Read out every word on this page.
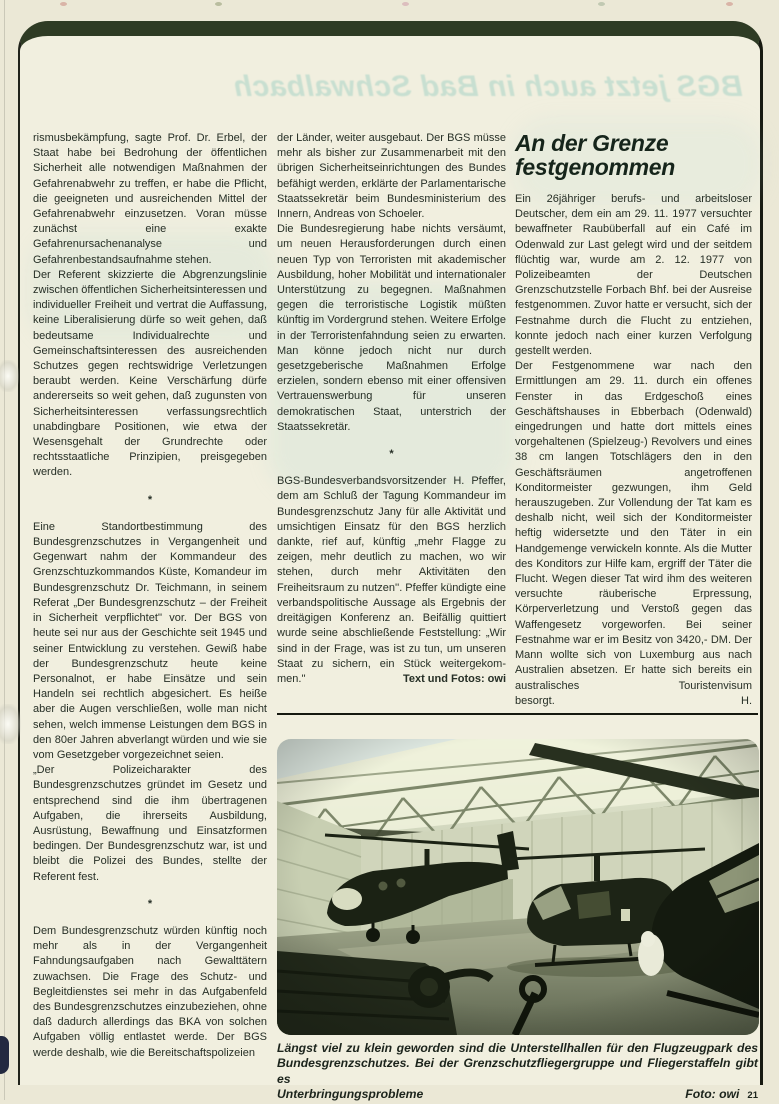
BGS jetzt auch in Bad Schwalbach

rismusbekämpfung, sagte Prof. Dr. Erbel, der Staat habe bei Bedrohung der öffentlichen Sicherheit alle notwendigen Maßnahmen der Gefahrenabwehr zu treffen, er habe die Pflicht, die geeigneten und ausreichenden Mittel der Gefahrenabwehr einzusetzen. Voran müsse zunächst eine exakte Gefahrenursachenanalyse und Gefahrenbestandsaufnahme stehen.

Der Referent skizzierte die Abgrenzungslinie zwischen öffentlichen Sicherheitsinteressen und individueller Freiheit und vertrat die Auffassung, keine Liberalisierung dürfe so weit gehen, daß bedeutsame Individualrechte und Gemeinschaftsinteressen des ausreichenden Schutzes gegen rechtswidrige Verletzungen beraubt werden. Keine Verschärfung dürfe andererseits so weit gehen, daß zugunsten von Sicherheitsinteressen verfassungsrechtlich unabdingbare Positionen, wie etwa der Wesensgehalt der Grundrechte oder rechtsstaatliche Prinzipien, preisgegeben werden.

*

Eine Standortbestimmung des Bundesgrenzschutzes in Vergangenheit und Gegenwart nahm der Kommandeur des Grenzschtuzkommandos Küste, Komandeur im Bundesgrenzschutz Dr. Teichmann, in seinem Referat „Der Bundesgrenzschutz – der Freiheit in Sicherheit verpflichtet'' vor. Der BGS von heute sei nur aus der Geschichte seit 1945 und seiner Entwicklung zu verstehen. Gewiß habe der Bundesgrenzschutz heute keine Personalnot, er habe Einsätze und sein Handeln sei rechtlich abgesichert. Es heiße aber die Augen verschließen, wolle man nicht sehen, welch immense Leistungen dem BGS in den 80er Jahren abverlangt würden und wie sie vom Gesetzgeber vorgezeichnet seien.

„Der Polizeicharakter des Bundesgrenzschutzes gründet im Gesetz und entsprechend sind die ihm übertragenen Aufgaben, die ihrerseits Ausbildung, Ausrüstung, Bewaffnung und Einsatzformen bedingen. Der Bundesgrenzschutz war, ist und bleibt die Polizei des Bundes, stellte der Referent fest.

*

Dem Bundesgrenzschutz würden künftig noch mehr als in der Vergangenheit Fahndungsaufgaben nach Gewalttätern zuwachsen. Die Frage des Schutz- und Begleitdienstes sei mehr in das Aufgabenfeld des Bundesgrenzschutzes einzubeziehen, ohne daß dadurch allerdings das BKA von solchen Aufgaben völlig entlastet werde. Der BGS werde deshalb, wie die Bereitschaftspolizeien

der Länder, weiter ausgebaut. Der BGS müsse mehr als bisher zur Zusammenarbeit mit den übrigen Sicherheitseinrichtungen des Bundes befähigt werden, erklärte der Parlamentarische Staatssekretär beim Bundesministerium des Innern, Andreas von Schoeler.

Die Bundesregierung habe nichts versäumt, um neuen Herausforderungen durch einen neuen Typ von Terroristen mit akademischer Ausbildung, hoher Mobilität und internationaler Unterstützung zu begegnen. Maßnahmen gegen die terroristische Logistik müßten künftig im Vordergrund stehen. Weitere Erfolge in der Terroristenfahndung seien zu erwarten. Man könne jedoch nicht nur durch gesetzgeberische Maßnahmen Erfolge erzielen, sondern ebenso mit einer offensiven Vertrauenswerbung für unseren demokratischen Staat, unterstrich der Staatssekretär.

*

BGS-Bundesverbandsvorsitzender H. Pfeffer, dem am Schluß der Tagung Kommandeur im Bundesgrenzschutz Jany für alle Aktivität und umsichtigen Einsatz für den BGS herzlich dankte, rief auf, künftig „mehr Flagge zu zeigen, mehr deutlich zu machen, wo wir stehen, durch mehr Aktivitäten den Freiheitsraum zu nutzen''. Pfeffer kündigte eine verbandspolitische Aussage als Ergebnis der dreitägigen Konferenz an. Beifällig quittiert wurde seine abschließende Feststellung: „Wir sind in der Frage, was ist zu tun, um unseren Staat zu sichern, ein Stück weitergekom-

men.''	Text und Fotos: owi
An der Grenze
festgenommen

Ein 26jähriger berufs- und arbeitsloser Deutscher, dem ein am 29. 11. 1977 versuchter bewaffneter Raubüberfall auf ein Café im Odenwald zur Last gelegt wird und der seitdem flüchtig war, wurde am 2. 12. 1977 von Polizeibeamten der Deutschen Grenzschutzstelle Forbach Bhf. bei der Ausreise festgenommen. Zuvor hatte er versucht, sich der Festnahme durch die Flucht zu entziehen, konnte jedoch nach einer kurzen Verfolgung gestellt werden.

Der Festgenommene war nach den Ermittlungen am 29. 11. durch ein offenes Fenster in das Erdgeschoß eines Geschäftshauses in Ebberbach (Odenwald) eingedrungen und hatte dort mittels eines vorgehaltenen (Spielzeug-) Revolvers und eines 38 cm langen Totschlägers den in den Geschäftsräumen angetroffenen Konditormeister gezwungen, ihm Geld herauszugeben. Zur Vollendung der Tat kam es deshalb nicht, weil sich der Konditormeister heftig widersetzte und den Täter in ein Handgemenge verwickeln konnte. Als die Mutter des Konditors zur Hilfe kam, ergriff der Täter die Flucht. Wegen dieser Tat wird ihm des weiteren versuchte räuberische Erpressung, Körperverletzung und Verstoß gegen das Waffengesetz vorgeworfen. Bei seiner Festnahme war er im Besitz von 3420,- DM. Der Mann wollte sich von Luxemburg aus nach Australien absetzen. Er hatte sich bereits ein australisches Touristenvisum

besorgt.	H.

Längst viel zu klein geworden sind die Unterstellhallen für den Flugzeugpark des Bundesgrenzschutzes. Bei der Grenzschutzfliegergruppe und Fliegerstaffeln gibt es

Unterbringungsprobleme	Foto: owi 21
